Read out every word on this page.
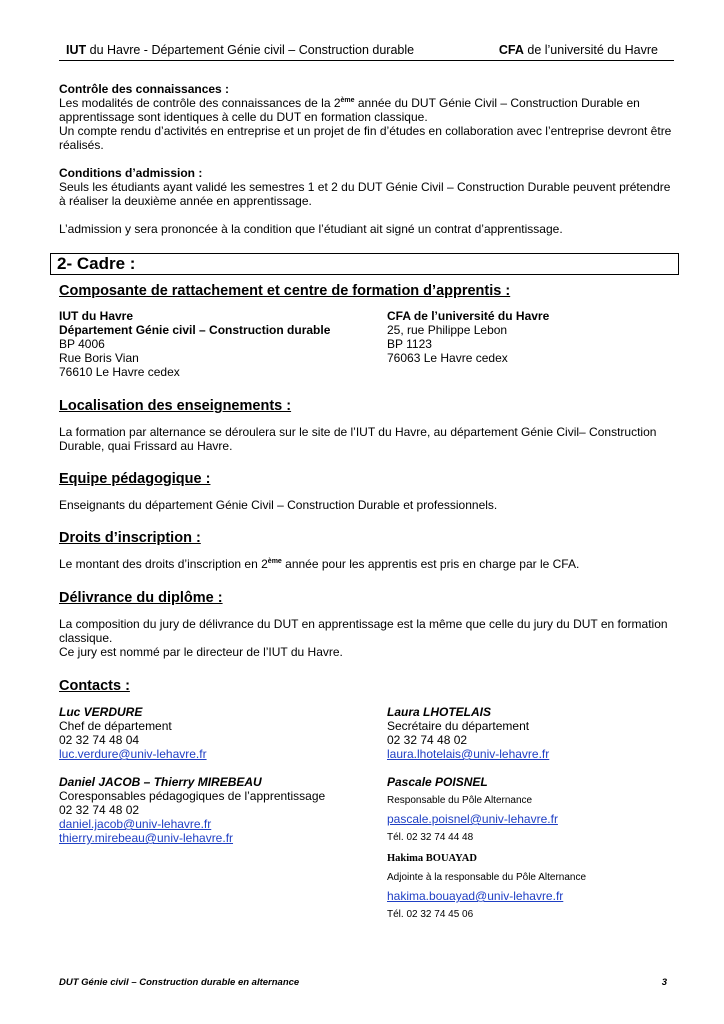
IUT du Havre - Département Génie civil – Construction durable	CFA de l’université du Havre

Contrôle des connaissances :

Les modalités de contrôle des connaissances de la 2ème année du DUT Génie Civil – Construction Durable en apprentissage sont identiques à celle du DUT en formation classique.

Un compte rendu d’activités en entreprise et un projet de fin d’études en collaboration avec l’entreprise devront être réalisés.

Conditions d’admission :

Seuls les étudiants ayant validé les semestres 1 et 2 du DUT Génie Civil – Construction Durable peuvent prétendre à réaliser la deuxième année en apprentissage.

L’admission y sera prononcée à la condition que l’étudiant ait signé un contrat d’apprentissage.

2- Cadre :
Composante de rattachement et centre de formation d’apprentis :
IUT du Havre
Département Génie civil – Construction durable
BP 4006
Rue Boris Vian
76610 Le Havre cedex
CFA de l’université du Havre
25, rue Philippe Lebon
BP 1123
76063 Le Havre cedex
Localisation des enseignements :

La formation par alternance se déroulera sur le site de l’IUT du Havre, au département Génie Civil– Construction Durable, quai Frissard au Havre.

Equipe pédagogique :

Enseignants du département Génie Civil – Construction Durable et professionnels.

Droits d’inscription :

Le montant des droits d’inscription en 2ème année pour les apprentis est pris en charge par le CFA.

Délivrance du diplôme :

La composition du jury de délivrance du DUT en apprentissage est la même que celle du jury du DUT en formation classique.

Ce jury est nommé par le directeur de l’IUT du Havre.

Contacts :
Luc VERDURE
Chef de département
02 32 74 48 04
luc.verdure@univ-lehavre.fr
Daniel JACOB – Thierry MIREBEAU
Coresponsables pédagogiques de l’apprentissage
02 32 74 48 02
daniel.jacob@univ-lehavre.fr
thierry.mirebeau@univ-lehavre.fr
Laura LHOTELAIS
Secrétaire du département
02 32 74 48 02
laura.lhotelais@univ-lehavre.fr
Pascale POISNEL
Responsable du Pôle Alternance
pascale.poisnel@univ-lehavre.fr
Tél. 02 32 74 44 48
Hakima BOUAYAD
Adjointe à la responsable du Pôle Alternance
hakima.bouayad@univ-lehavre.fr
Tél. 02 32 74 45 06
DUT Génie civil – Construction durable en alternance	3
